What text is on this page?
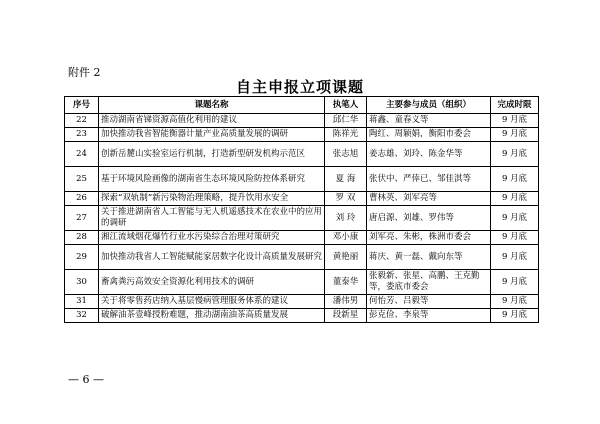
附件 2
自主申报立项课题
序号	课题名称	执笔人	主要参与成员（组织）	完成时限
22	推动湖南省锑资源高值化利用的建议	邱仁华	蒋鑫、童春义等	9 月底
23	加快推动我省智能衡器计量产业高质量发展的调研	陈祥光	陶红、周颖娟，衡阳市委会	9 月底
24	创新岳麓山实验室运行机制，打造新型研发机构示范区	张志旭	姜志雄、刘玲、陈金华等	9 月底
25	基于环境风险画像的湖南省生态环境风险防控体系研究	夏 海	张伏中、严倖已、邹佳淇等	9 月底
26	探索“双轨制”新污染物治理策略，提升饮用水安全	罗 双	曹林英、刘军亮等	9 月底
27	关于推进湖南省人工智能与无人机遥感技术在农业中的应用的调研	刘 玲	唐启源、刘雄、罗伟等	9 月底
28	湘江流域烟花爆竹行业水污染综合治理对策研究	邓小康	刘军亮、朱彬，株洲市委会	9 月底
29	加快推动我省人工智能赋能家居数字化设计高质量发展研究	黄艳丽	蒋庆、黄一磊、戴向东等	9 月底
30	畜禽粪污高效安全资源化利用技术的调研	董泰华	张毅新、张星、高鹏、王克勤等，娄底市委会	9 月底
31	关于将零售药店纳入基层慢病管理服务体系的建议	潘伟男	何怡芳、吕毅等	9 月底
32	破解油茶壹峰授粉难题，推动湖南油茶高质量发展	段新星	彭克俭、李泉等	9 月底
— 6 —
